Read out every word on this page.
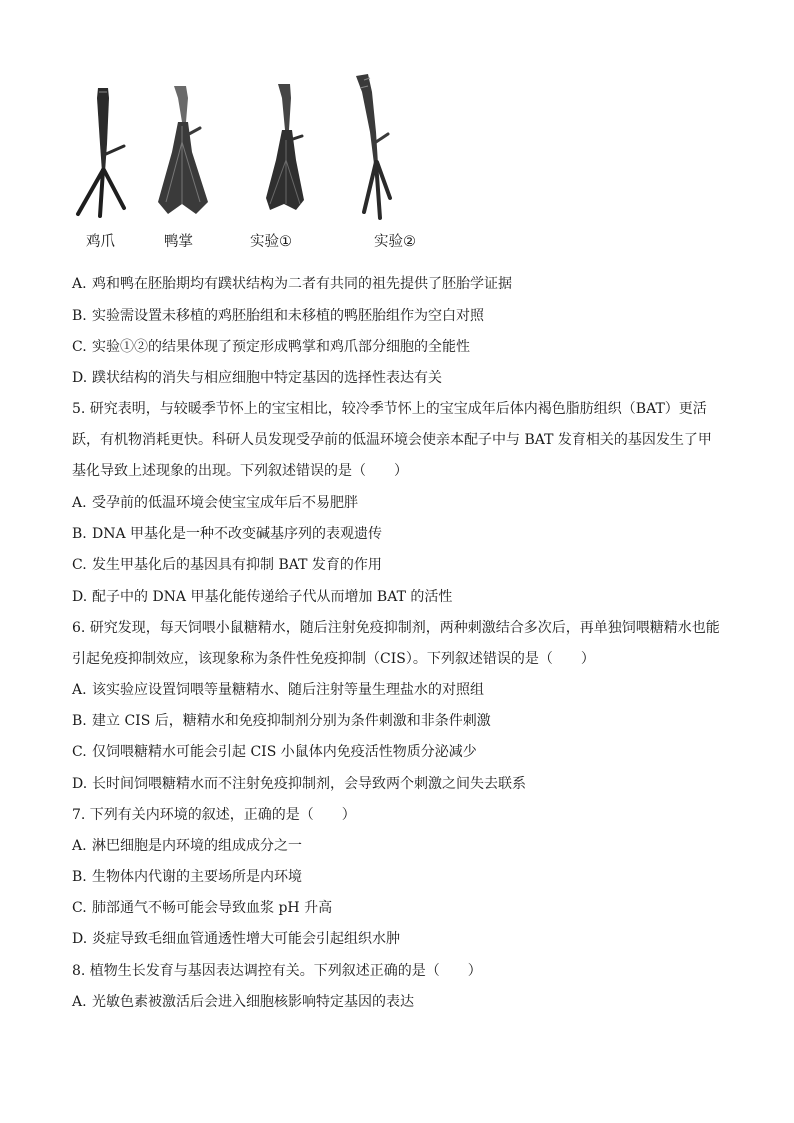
鸡爪	鸭掌	实验①	实验②
A. 鸡和鸭在胚胎期均有蹼状结构为二者有共同的祖先提供了胚胎学证据
B. 实验需设置未移植的鸡胚胎组和未移植的鸭胚胎组作为空白对照
C. 实验①②的结果体现了预定形成鸭掌和鸡爪部分细胞的全能性
D. 蹼状结构的消失与相应细胞中特定基因的选择性表达有关
5. 研究表明，与较暖季节怀上的宝宝相比，较冷季节怀上的宝宝成年后体内褐色脂肪组织（BAT）更活
跃，有机物消耗更快。科研人员发现受孕前的低温环境会使亲本配子中与 BAT 发育相关的基因发生了甲
基化导致上述现象的出现。下列叙述错误的是（　　）
A. 受孕前的低温环境会使宝宝成年后不易肥胖
B. DNA 甲基化是一种不改变碱基序列的表观遗传
C. 发生甲基化后的基因具有抑制 BAT 发育的作用
D. 配子中的 DNA 甲基化能传递给子代从而增加 BAT 的活性
6. 研究发现，每天饲喂小鼠糖精水，随后注射免疫抑制剂，两种刺激结合多次后，再单独饲喂糖精水也能
引起免疫抑制效应，该现象称为条件性免疫抑制（CIS）。下列叙述错误的是（　　）
A. 该实验应设置饲喂等量糖精水、随后注射等量生理盐水的对照组
B. 建立 CIS 后，糖精水和免疫抑制剂分别为条件刺激和非条件刺激
C. 仅饲喂糖精水可能会引起 CIS 小鼠体内免疫活性物质分泌减少
D. 长时间饲喂糖精水而不注射免疫抑制剂，会导致两个刺激之间失去联系
7. 下列有关内环境的叙述，正确的是（　　）
A. 淋巴细胞是内环境的组成成分之一
B. 生物体内代谢的主要场所是内环境
C. 肺部通气不畅可能会导致血浆 pH 升高
D. 炎症导致毛细血管通透性增大可能会引起组织水肿
8. 植物生长发育与基因表达调控有关。下列叙述正确的是（　　）
A. 光敏色素被激活后会进入细胞核影响特定基因的表达
